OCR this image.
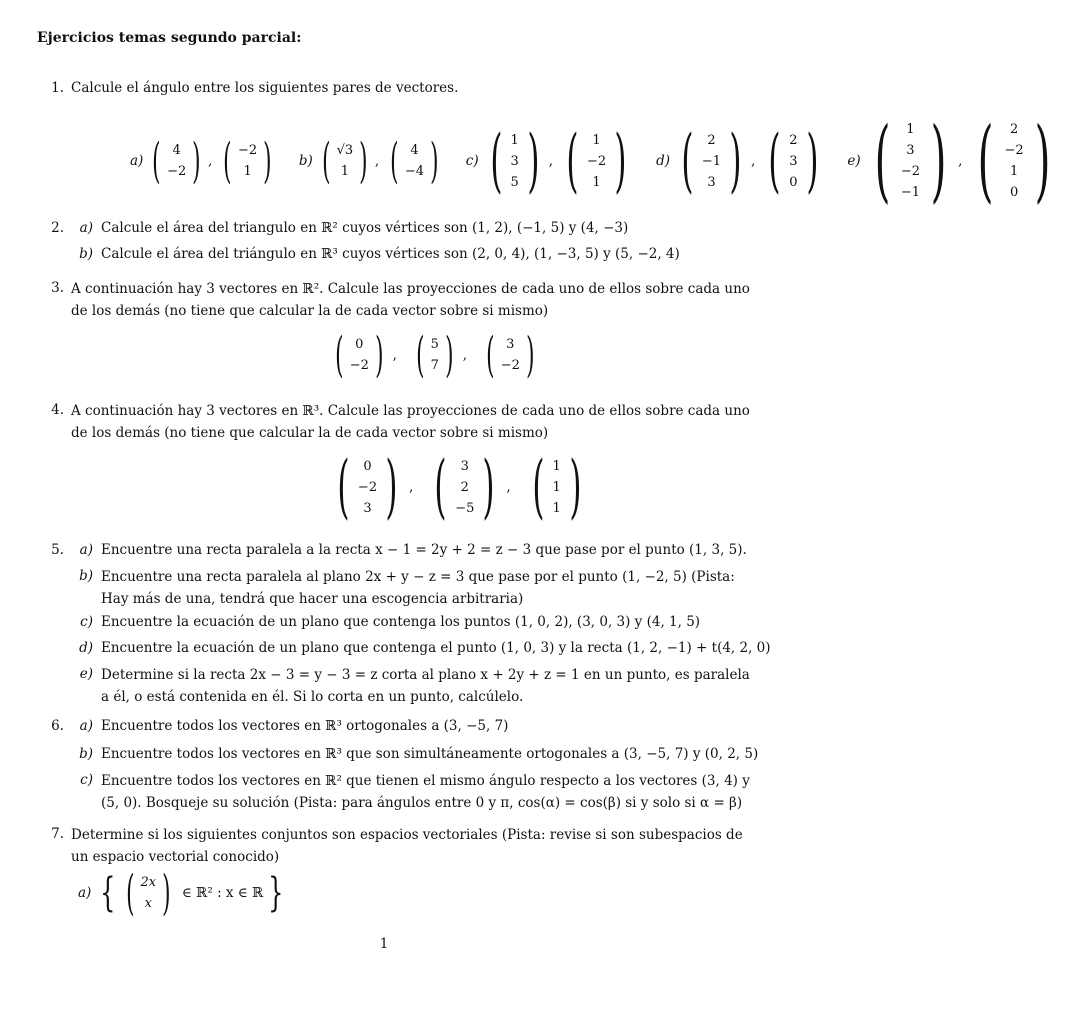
Ejercicios temas segundo parcial:
1. Calcule el ángulo entre los siguientes pares de vectores.
a) ( 4
−2 ) , ( −2
1 ) b) ( √3
1 ) , ( 4
−4 ) c) ( 1
3
5 ) , ( 1
−2
1 ) d) ( 2
−1
3 ) , ( 2
3
0 ) e) ( 1
3
−2
−1 ) , ( 2
−2
1
0 )
2.	a) Calcule el área del triangulo en ℝ² cuyos vértices son (1, 2), (−1, 5) y (4, −3)
b) Calcule el área del triángulo en ℝ³ cuyos vértices son (2, 0, 4), (1, −3, 5) y (5, −2, 4)
3. A continuación hay 3 vectores en ℝ². Calcule las proyecciones de cada uno de ellos sobre cada uno de los demás (no tiene que calcular la de cada vector sobre si mismo)
( 0
−2 ) , ( 5
7 ) , ( 3
−2 )
4. A continuación hay 3 vectores en ℝ³. Calcule las proyecciones de cada uno de ellos sobre cada uno de los demás (no tiene que calcular la de cada vector sobre si mismo)
( 0
−2
3 ) , ( 3
2
−5 ) , ( 1
1
1 )
5.	a) Encuentre una recta paralela a la recta x − 1 = 2y + 2 = z − 3 que pase por el punto (1, 3, 5).
b) Encuentre una recta paralela al plano 2x + y − z = 3 que pase por el punto (1, −2, 5) (Pista: Hay más de una, tendrá que hacer una escogencia arbitraria)
c) Encuentre la ecuación de un plano que contenga los puntos (1, 0, 2), (3, 0, 3) y (4, 1, 5)
d) Encuentre la ecuación de un plano que contenga el punto (1, 0, 3) y la recta (1, 2, −1) + t(4, 2, 0)
e) Determine si la recta 2x − 3 = y − 3 = z corta al plano x + 2y + z = 1 en un punto, es paralela a él, o está contenida en él. Si lo corta en un punto, calcúlelo.
6.	a) Encuentre todos los vectores en ℝ³ ortogonales a (3, −5, 7)
b) Encuentre todos los vectores en ℝ³ que son simultáneamente ortogonales a (3, −5, 7) y (0, 2, 5)
c) Encuentre todos los vectores en ℝ² que tienen el mismo ángulo respecto a los vectores (3, 4) y (5, 0). Bosqueje su solución (Pista: para ángulos entre 0 y π, cos(α) = cos(β) si y solo si α = β)
7. Determine si los siguientes conjuntos son espacios vectoriales (Pista: revise si son subespacios de un espacio vectorial conocido)
a) { ( 2x
x ) ∈ ℝ² : x ∈ ℝ }
1
